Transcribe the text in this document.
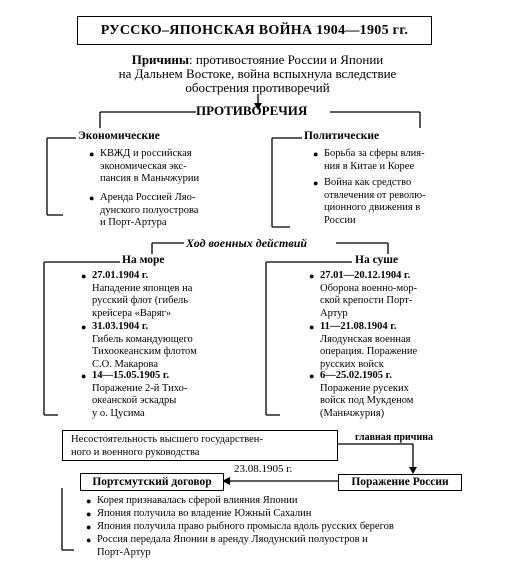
РУССКО–ЯПОНСКАЯ ВОЙНА 1904—1905 гг.
Причины: противостояние России и Японии
на Дальнем Востоке, война вспыхнула вследствие
обострения противоречий
ПРОТИВОРЕЧИЯ
Экономические	Политические
● КВЖД и российская
экономическая экс-
пансия в Маньчжурии
● Аренда Россией Ляо-
дунского полуострова
и Порт-Артура
● Борьба за сферы влия-
ния в Китае и Корее
● Война как средство
отвлечения от револю-
ционного движения в
России
Ход военных действий
На море	На суше
● 27.01.1904 г.
Нападение японцев на
русский флот (гибель
крейсера «Варяг»
● 31.03.1904 г.
Гибель командующего
Тихоокеанским флотом
С.О. Макарова
● 14—15.05.1905 г.
Поражение 2-й Тихо-
океанской эскадры
у о. Цусима
● 27.01—20.12.1904 г.
Оборона военно-мор-
ской крепости Порт-
Артур
● 11—21.08.1904 г.
Ляодунская военная
операция. Поражение
русских войск
● 6—25.02.1905 г.
Поражение русеких
войск под Мукденом
(Маньчжурия)
Несостоятельность высшего государствен-
ного и военного руководства
главная причина
Поражение России
23.08.1905 г.
Портсмутский договор
● Корея признавалась сферой влияния Японии
● Япония получила во владение Южный Сахалин
● Япония получила право рыбного промысла вдоль русских берегов
● Россия передала Японии в аренду Ляодунский полуостров и
Порт-Артур
